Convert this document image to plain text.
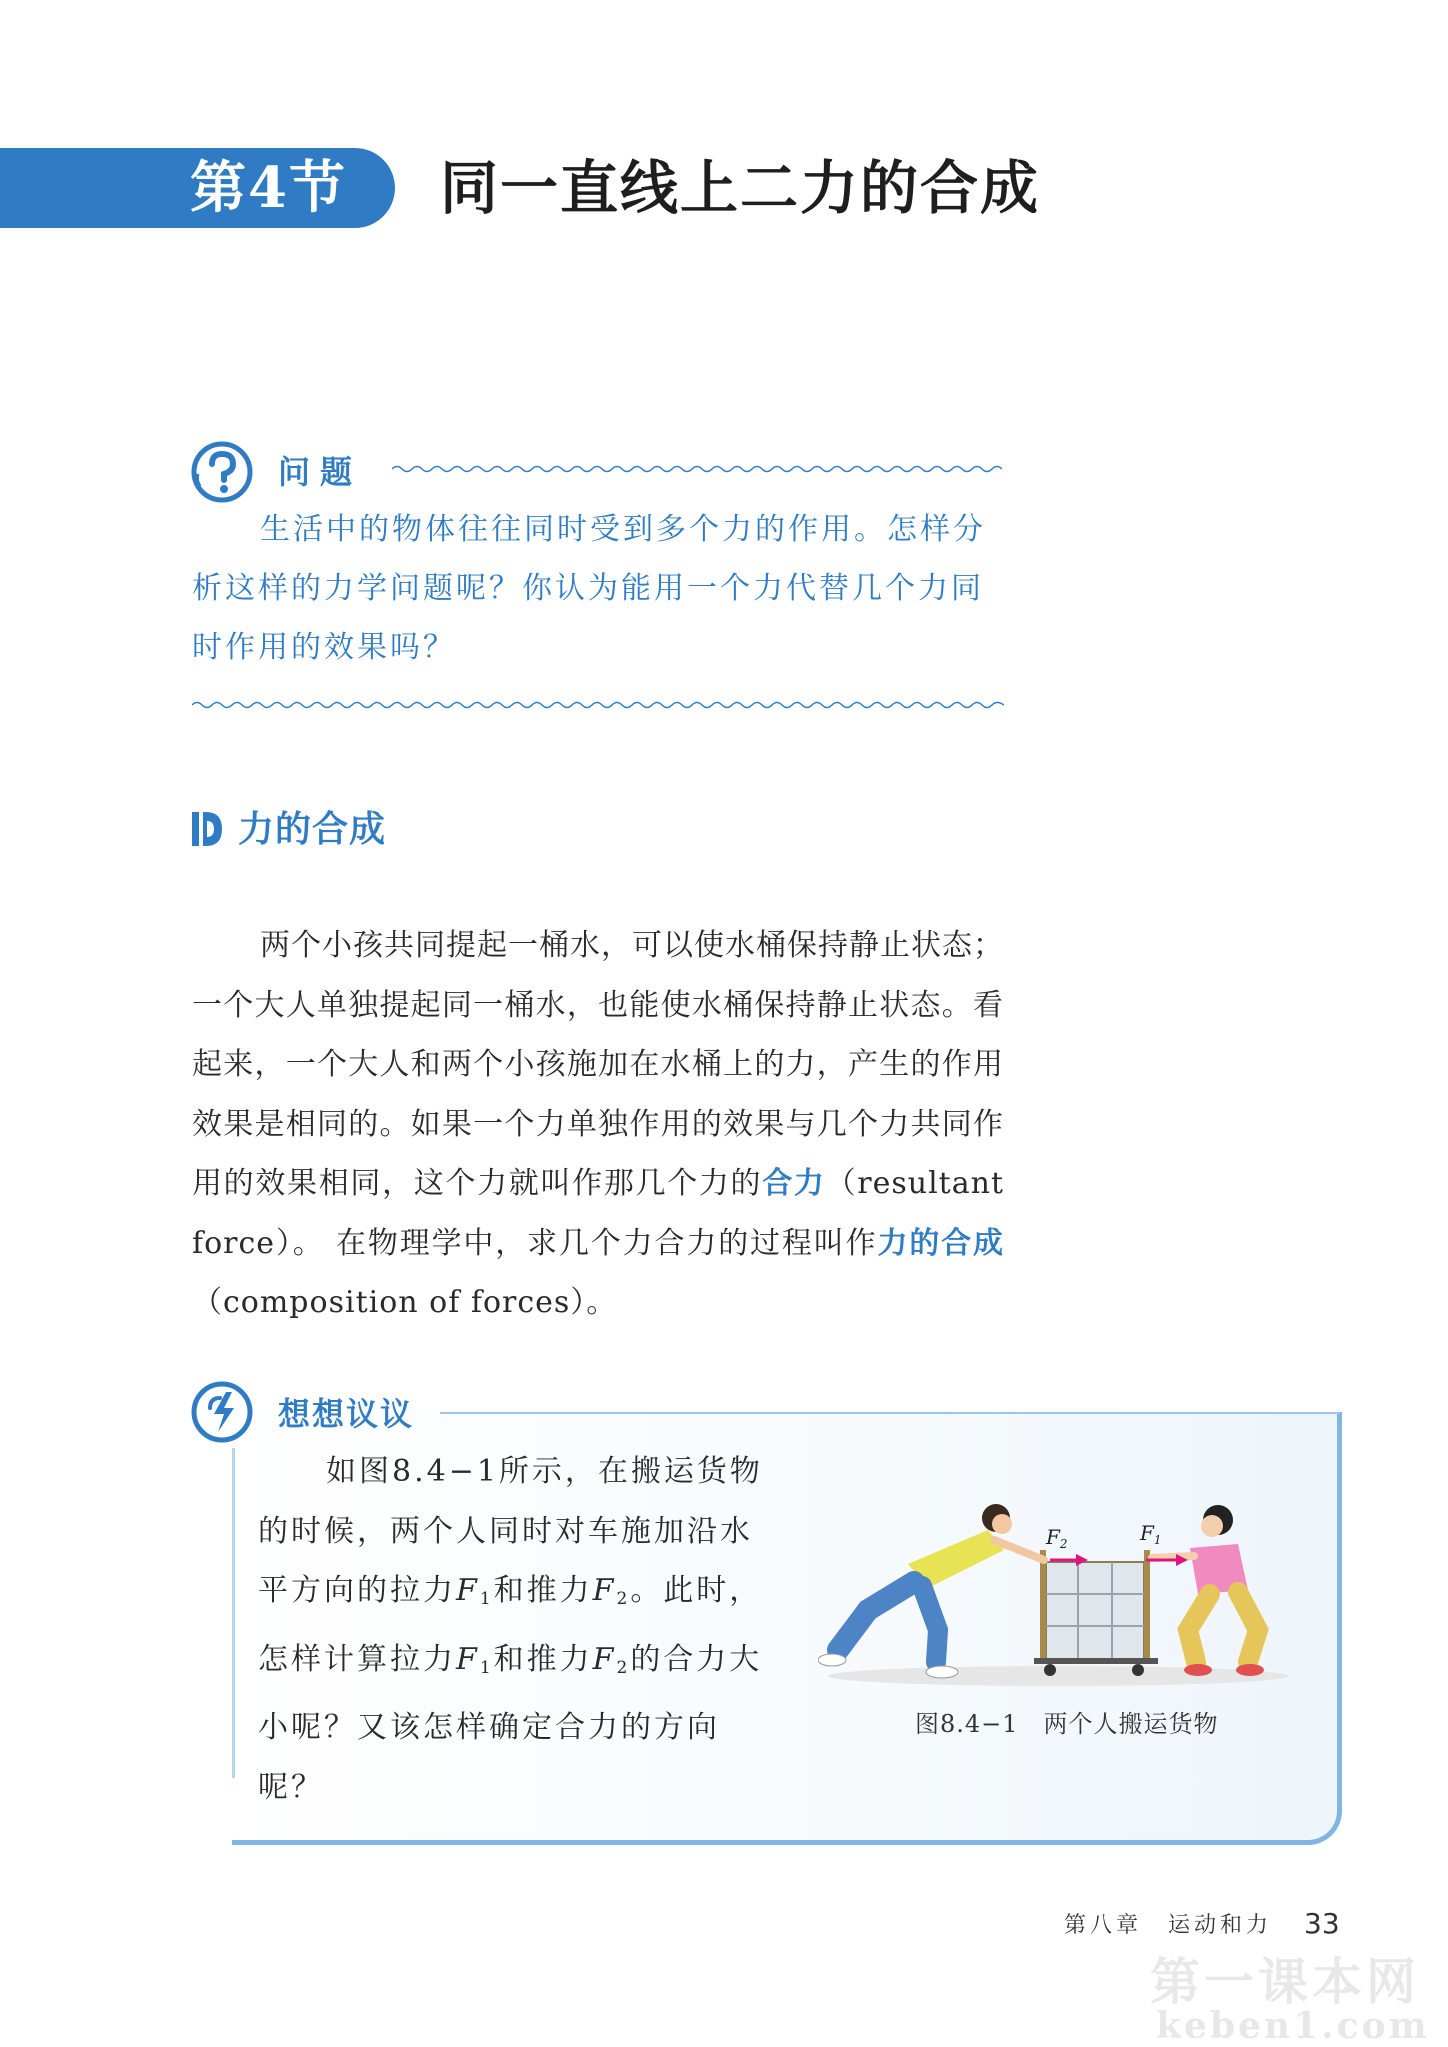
第4节 同一直线上二力的合成
问题

生活中的物体往往同时受到多个力的作用。怎样分析这样的力学问题呢？你认为能用一个力代替几个力同时作用的效果吗？

力的合成

两个小孩共同提起一桶水，可以使水桶保持静止状态；一个大人单独提起同一桶水，也能使水桶保持静止状态。看起来，一个大人和两个小孩施加在水桶上的力，产生的作用效果是相同的。如果一个力单独作用的效果与几个力共同作用的效果相同，这个力就叫作那几个力的合力（resultant force）。 在物理学中，求几个力合力的过程叫作力的合成（composition of forces）。

想想议议

如图8.4−1所示，在搬运货物的时候，两个人同时对车施加沿水平方向的拉力$F_1$和推力$F_2$。此时，怎样计算拉力$F_1$和推力$F_2$的合力大小呢？又该怎样确定合力的方向呢？

$F_2$	$F_1$
图8.4−1　两个人搬运货物
第八章　运动和力 33
第一课本网
keben1.com
